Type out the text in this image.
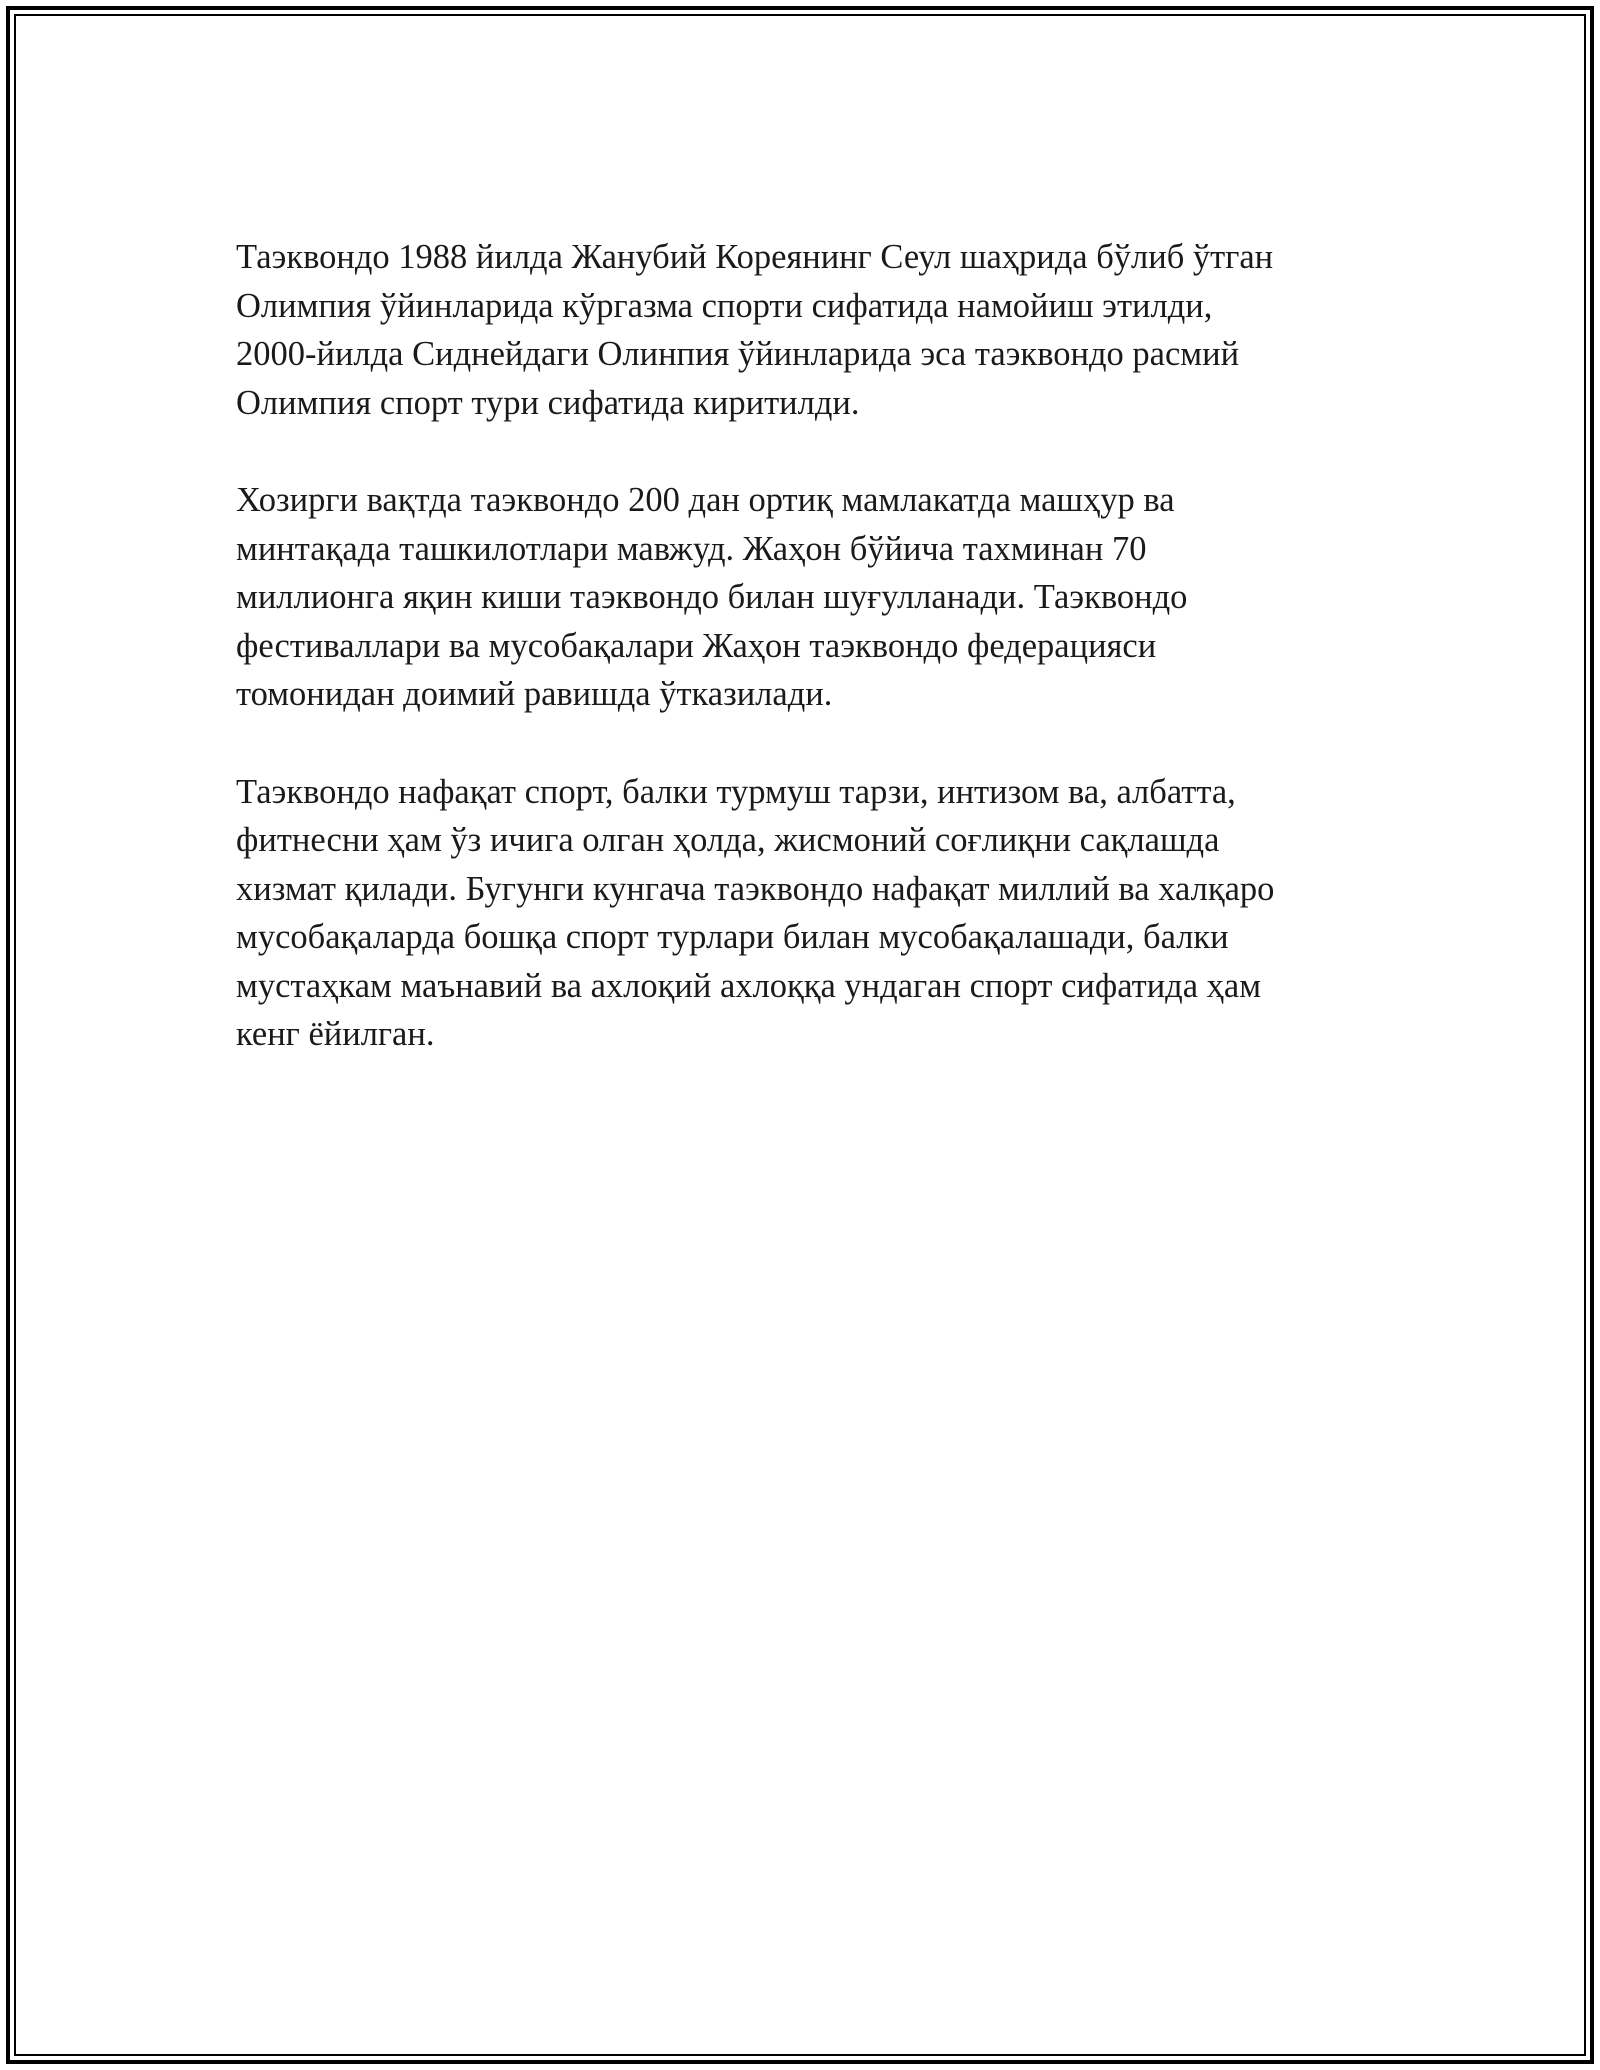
Таэквондо 1988 йилда Жанубий Кореянинг Сеул шаҳрида бўлиб ўтган
Олимпия ўйинларида кўргазма спорти сифатида намойиш этилди,
2000-йилда Сиднейдаги Олинпия ўйинларида эса таэквондо расмий
Олимпия спорт тури сифатида киритилди.

Хозирги вақтда таэквондо 200 дан ортиқ мамлакатда машҳур ва
минтақада ташкилотлари мавжуд. Жаҳон бўйича тахминан 70
миллионга яқин киши таэквондо билан шуғулланади. Таэквондо
фестиваллари ва мусобақалари Жаҳон таэквондо федерацияси
томонидан доимий равишда ўтказилади.

Таэквондо нафақат спорт, балки турмуш тарзи, интизом ва, албатта,
фитнесни ҳам ўз ичига олган ҳолда, жисмоний соғлиқни сақлашда
хизмат қилади. Бугунги кунгача таэквондо нафақат миллий ва халқаро
мусобақаларда бошқа спорт турлари билан мусобақалашади, балки
мустаҳкам маънавий ва ахлоқий ахлоққа ундаган спорт сифатида ҳам
кенг ёйилган.
